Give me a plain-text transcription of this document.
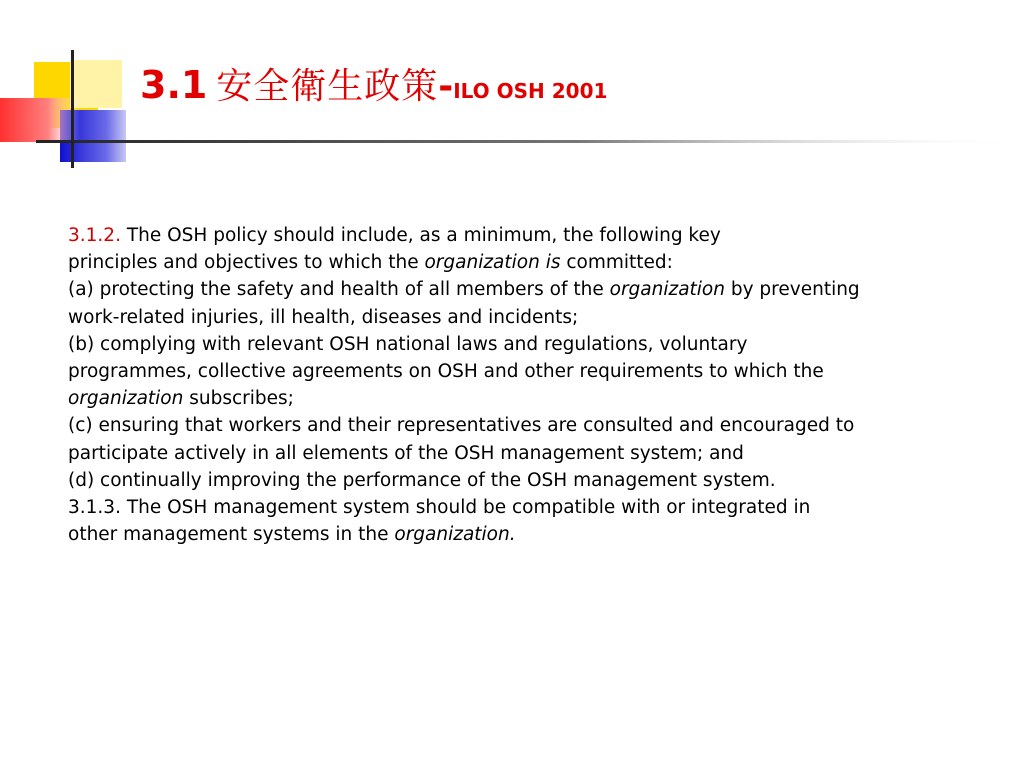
3.1 安全衛生政策-ILO OSH 2001
3.1.2. The OSH policy should include, as a minimum, the following key
principles and objectives to which the organization is committed:
(a) protecting the safety and health of all members of the organization by preventing
work-related injuries, ill health, diseases and incidents;
(b) complying with relevant OSH national laws and regulations, voluntary
programmes, collective agreements on OSH and other requirements to which the
organization subscribes;
(c) ensuring that workers and their representatives are consulted and encouraged to
participate actively in all elements of the OSH management system; and
(d) continually improving the performance of the OSH management system.
3.1.3. The OSH management system should be compatible with or integrated in
other management systems in the organization.
